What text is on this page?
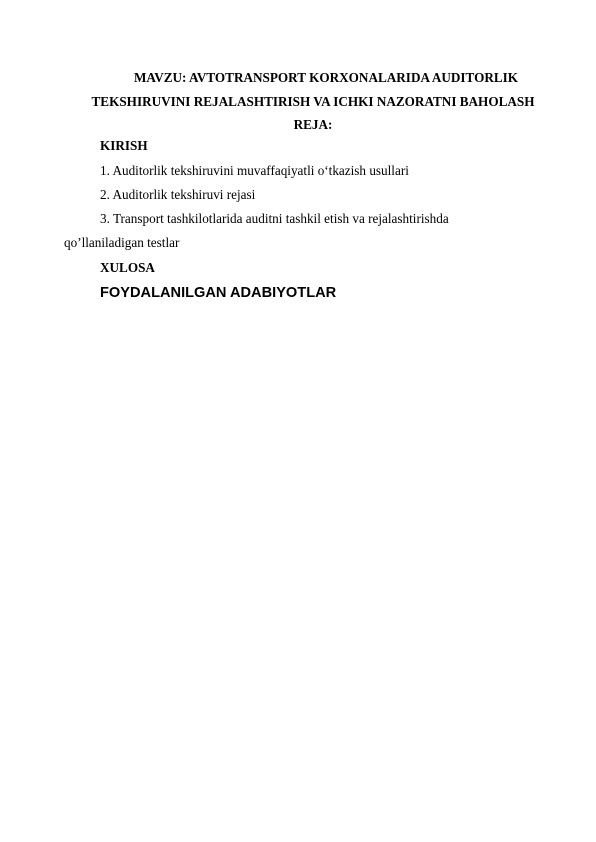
MAVZU: AVTOTRANSPORT KORXONALARIDA AUDITORLIK
TEKSHIRUVINI REJALASHTIRISH VA ICHKI NAZORATNI BAHOLASH
REJA:
KIRISH
1. Auditorlik tekshiruvini muvaffaqiyatli o‘tkazish usullari
2. Auditorlik tekshiruvi rejasi
3. Transport tashkilotlarida auditni tashkil etish va rejalashtirishda
qo’llaniladigan testlar
XULOSA
FOYDALANILGAN ADABIYOTLAR
